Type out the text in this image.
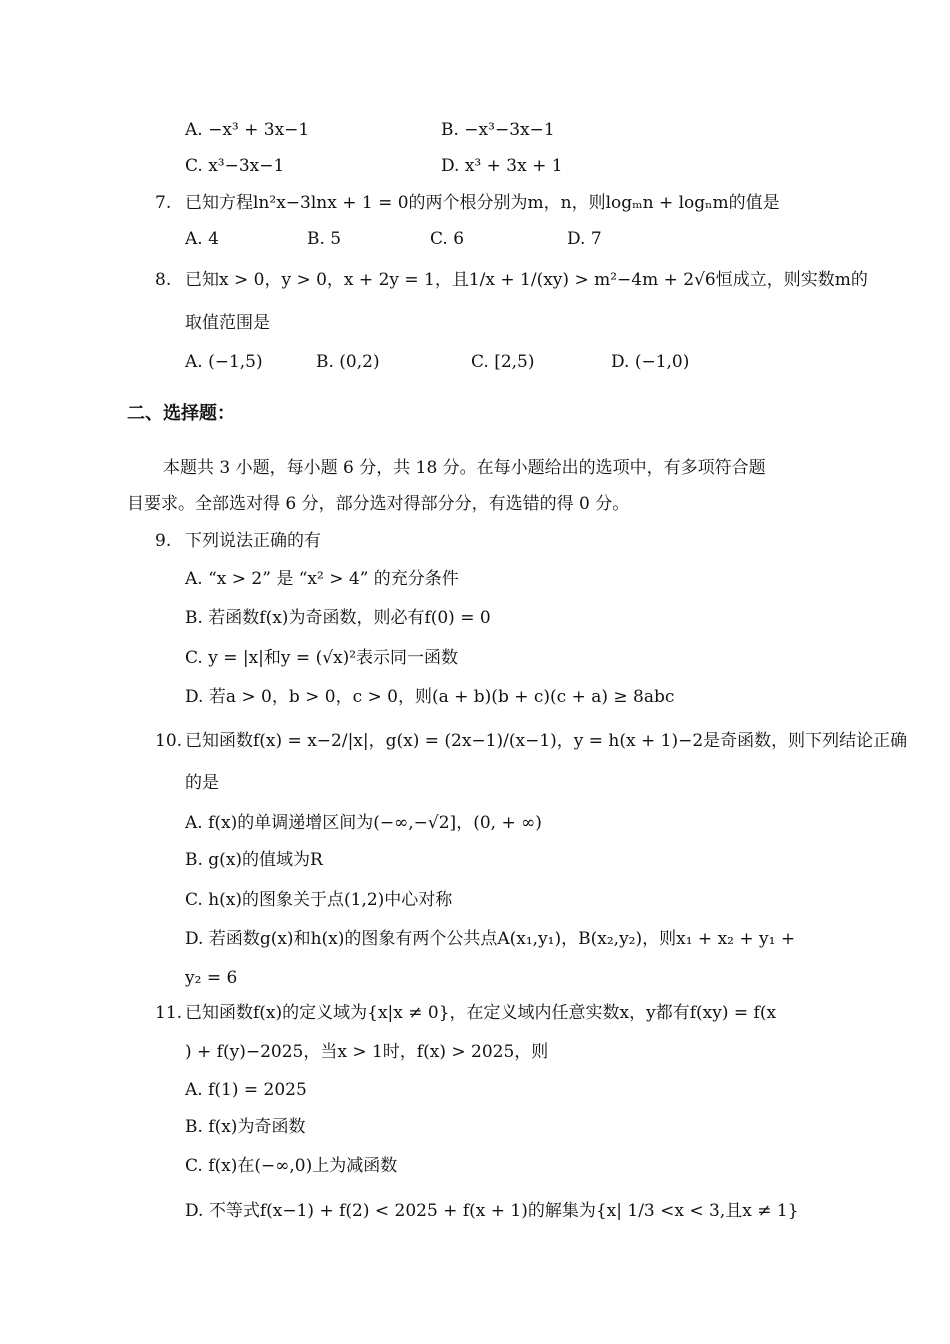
A. −x³ + 3x−1	B. −x³−3x−1
C. x³−3x−1	D. x³ + 3x + 1
7. 已知方程ln²x−3lnx + 1 = 0的两个根分别为m，n，则logₘn + logₙm的值是
A. 4	B. 5	C. 6	D. 7
8. 已知x > 0，y > 0，x + 2y = 1，且1/x + 1/(xy) > m²−4m + 2√6恒成立，则实数m的
取值范围是
A. (−1,5)	B. (0,2)	C. [2,5)	D. (−1,0)
二、选择题：
本题共 3 小题，每小题 6 分，共 18 分。在每小题给出的选项中，有多项符合题
目要求。全部选对得 6 分，部分选对得部分分，有选错的得 0 分。
9. 下列说法正确的有
A. “x > 2” 是 “x² > 4” 的充分条件
B. 若函数f(x)为奇函数，则必有f(0) = 0
C. y = |x|和y = (√x)²表示同一函数
D. 若a > 0，b > 0，c > 0，则(a + b)(b + c)(c + a) ≥ 8abc
10. 已知函数f(x) = x−2/|x|，g(x) = (2x−1)/(x−1)，y = h(x + 1)−2是奇函数，则下列结论正确
的是
A. f(x)的单调递增区间为(−∞,−√2]，(0, + ∞)
B. g(x)的值域为R
C. h(x)的图象关于点(1,2)中心对称
D. 若函数g(x)和h(x)的图象有两个公共点A(x₁,y₁)，B(x₂,y₂)，则x₁ + x₂ + y₁ +
y₂ = 6
11. 已知函数f(x)的定义域为{x|x ≠ 0}，在定义域内任意实数x，y都有f(xy) = f(x
) + f(y)−2025，当x > 1时，f(x) > 2025，则
A. f(1) = 2025
B. f(x)为奇函数
C. f(x)在(−∞,0)上为减函数
D. 不等式f(x−1) + f(2) < 2025 + f(x + 1)的解集为{x| 1/3 <x < 3,且x ≠ 1}
